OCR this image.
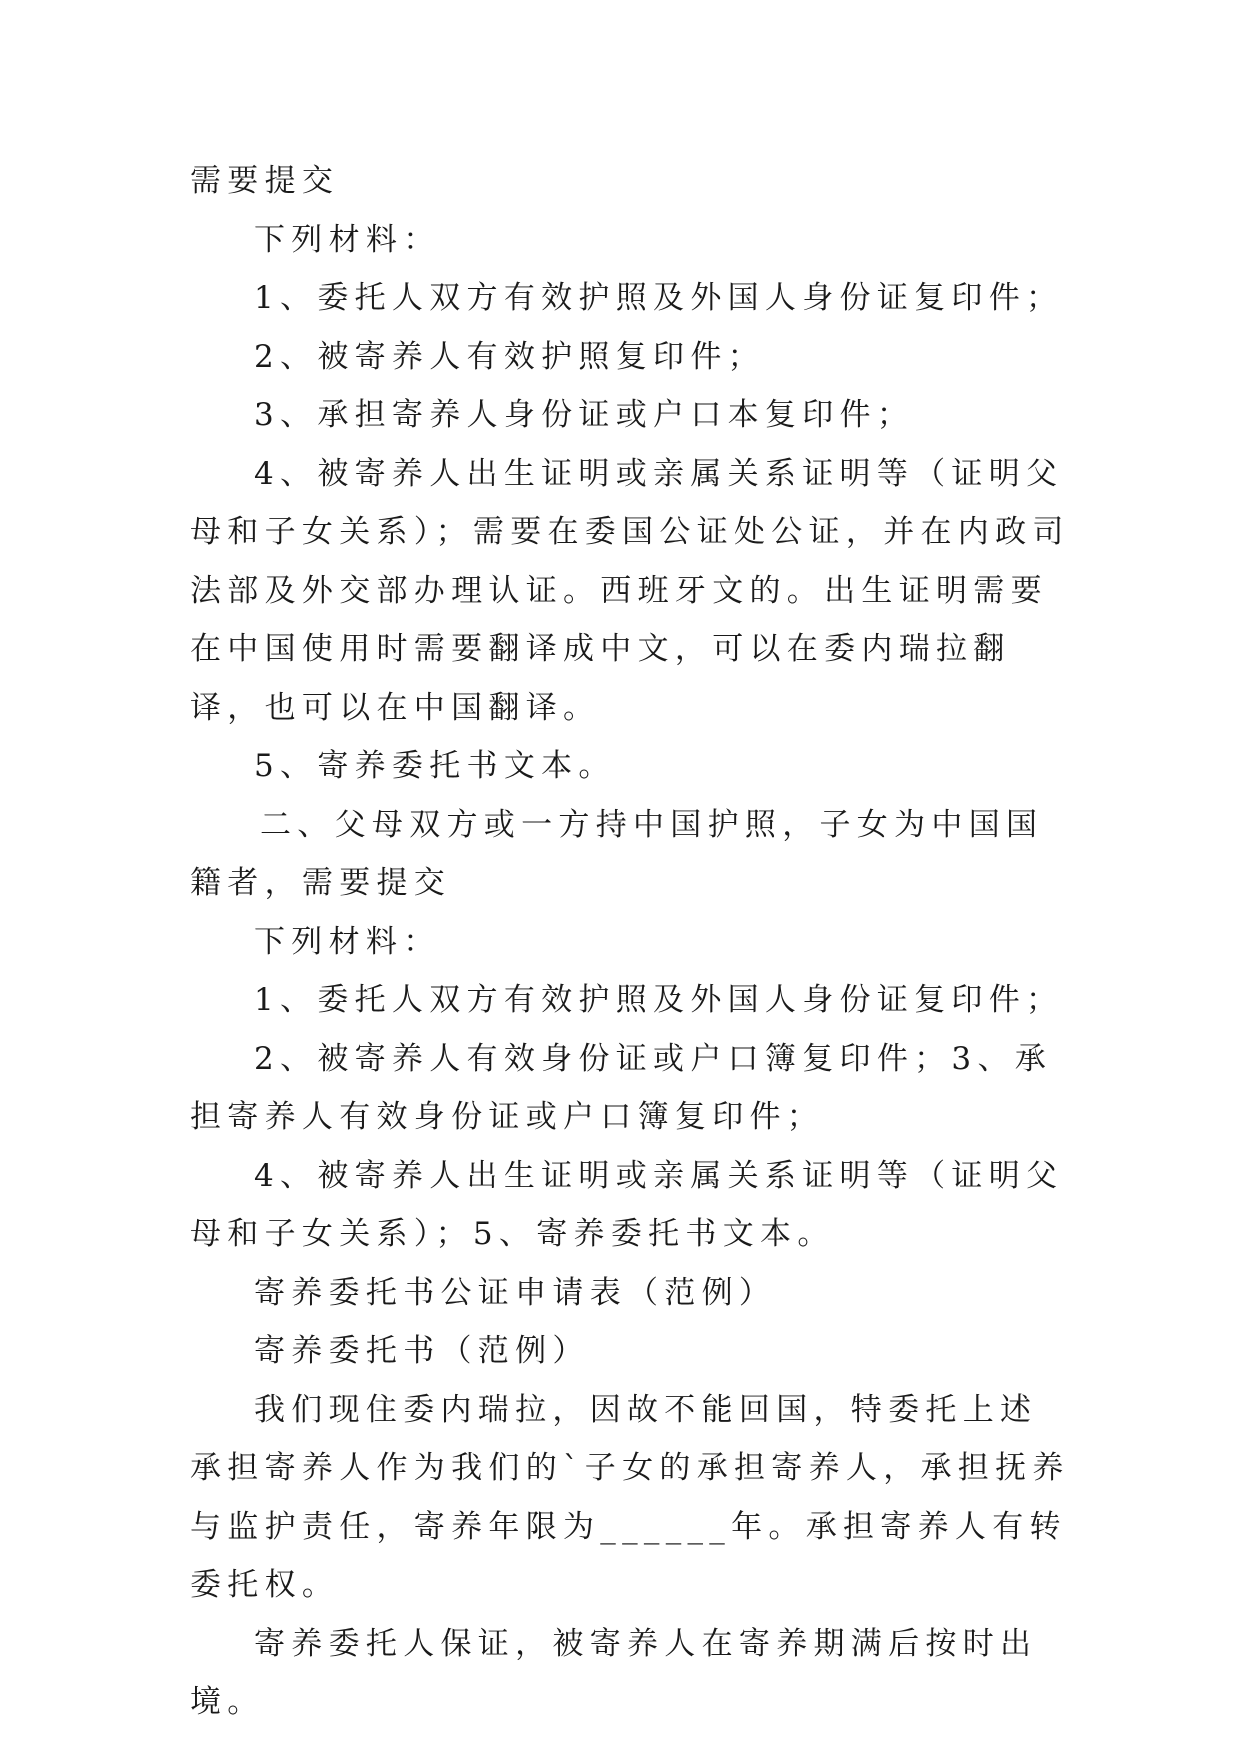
需要提交

下列材料：

1、委托人双方有效护照及外国人身份证复印件；

2、被寄养人有效护照复印件；

3、承担寄养人身份证或户口本复印件；

4、被寄养人出生证明或亲属关系证明等（证明父母和子女关系）；需要在委国公证处公证，并在内政司法部及外交部办理认证。西班牙文的。出生证明需要在中国使用时需要翻译成中文，可以在委内瑞拉翻译，也可以在中国翻译。

5、寄养委托书文本。

二、父母双方或一方持中国护照，子女为中国国籍者，需要提交

下列材料：

1、委托人双方有效护照及外国人身份证复印件；

2、被寄养人有效身份证或户口簿复印件；3、承担寄养人有效身份证或户口簿复印件；

4、被寄养人出生证明或亲属关系证明等（证明父母和子女关系）；5、寄养委托书文本。

寄养委托书公证申请表（范例）

寄养委托书（范例）

我们现住委内瑞拉，因故不能回国，特委托上述承担寄养人作为我们的`子女的承担寄养人，承担抚养与监护责任，寄养年限为______年。承担寄养人有转委托权。

寄养委托人保证，被寄养人在寄养期满后按时出境。
